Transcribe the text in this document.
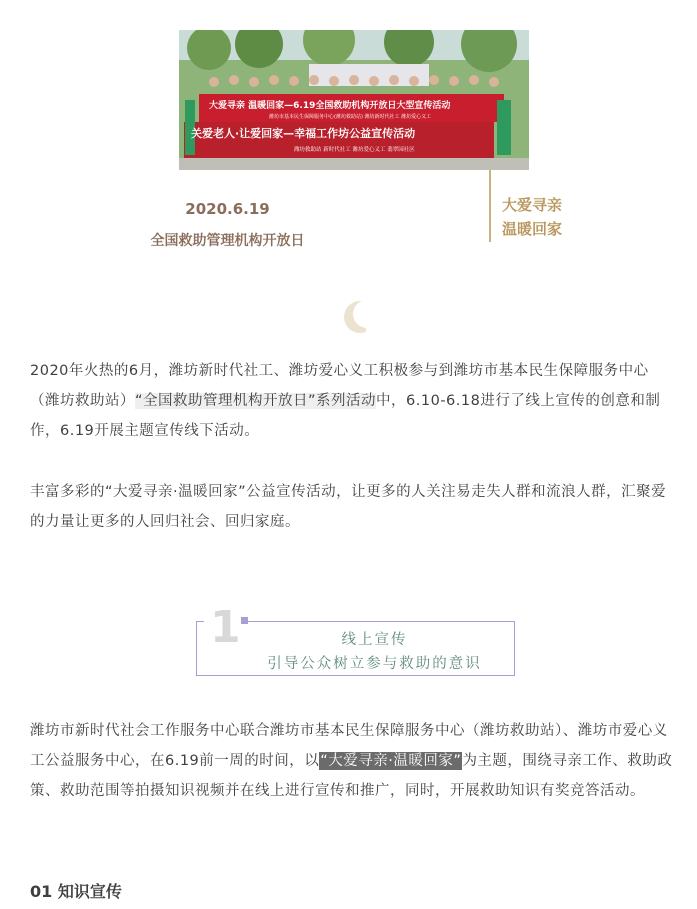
大爱寻亲 温暖回家—6.19全国救助机构开放日大型宣传活动
潍坊市基本民生保障服务中心(潍坊救助站) 潍坊新时代社工 潍坊爱心义工
关爱老人·让爱回家—幸福工作坊公益宣传活动
潍坊救助站 新时代社工 潍坊爱心义工 翡翠园社区
大爱寻亲
温暖回家
2020.6.19
全国救助管理机构开放日
2020年火热的6月，潍坊新时代社工、潍坊爱心义工积极参与到潍坊市基本民生保障服务中心（潍坊救助站）“全国救助管理机构开放日”系列活动中，6.10-6.18进行了线上宣传的创意和制作，6.19开展主题宣传线下活动。
丰富多彩的“大爱寻亲·温暖回家”公益宣传活动，让更多的人关注易走失人群和流浪人群，汇聚爱的力量让更多的人回归社会、回归家庭。
1	线上宣传
引导公众树立参与救助的意识
潍坊市新时代社会工作服务中心联合潍坊市基本民生保障服务中心（潍坊救助站）、潍坊市爱心义工公益服务中心，在6.19前一周的时间，以“大爱寻亲·温暖回家”为主题，围绕寻亲工作、救助政策、救助范围等拍摄知识视频并在线上进行宣传和推广，同时，开展救助知识有奖竞答活动。
01 知识宣传
